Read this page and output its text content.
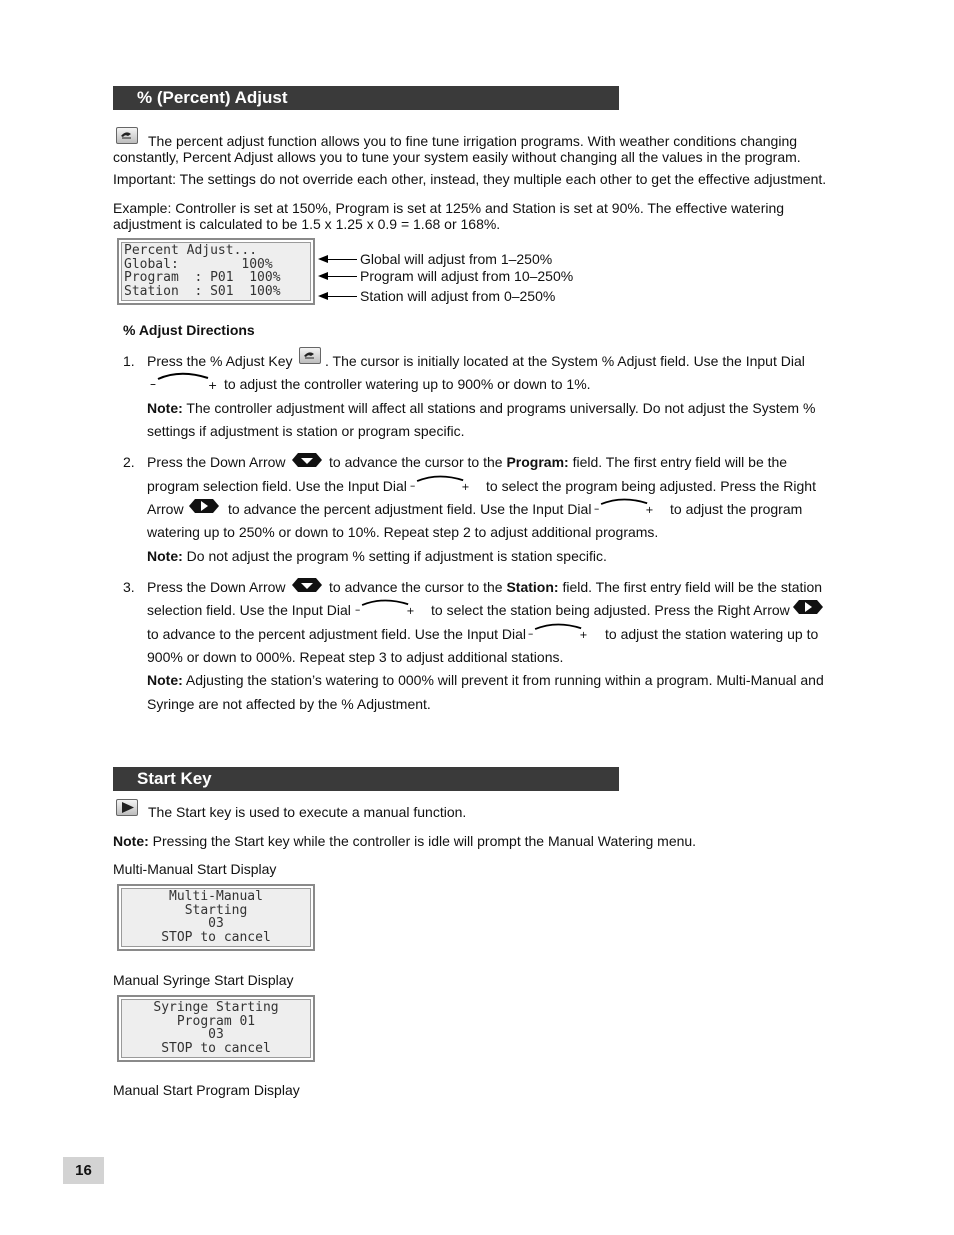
% (Percent) Adjust
The percent adjust function allows you to fine tune irrigation programs. With weather conditions changing
constantly, Percent Adjust allows you to tune your system easily without changing all the values in the program.
Important: The settings do not override each other, instead, they multiple each other to get the effective adjustment.
Example: Controller is set at 150%, Program is set at 125% and Station is set at 90%. The effective watering
adjustment is calculated to be 1.5 x 1.25 x 0.9 = 1.68 or 168%.
Percent Adjust...
Global:        100%
Program  : P01  100%
Station  : S01  100%
Global will adjust from 1–250%
Program will adjust from 10–250%
Station will adjust from 0–250%
% Adjust Directions
1. Press the % Adjust Key . The cursor is initially located at the System % Adjust field. Use the Input Dial
–	+ to adjust the controller watering up to 900% or down to 1%.
Note: The controller adjustment will affect all stations and programs universally. Do not adjust the System %
settings if adjustment is station or program specific.
2. Press the Down Arrow	to advance the cursor to the Program: field. The first entry field will be the
program selection field. Use the Input Dial –	+ to select the program being adjusted. Press the Right
Arrow	to advance the percent adjustment field. Use the Input Dial –	+ to adjust the program
watering up to 250% or down to 10%. Repeat step 2 to adjust additional programs.
Note: Do not adjust the program % setting if adjustment is station specific.
3. Press the Down Arrow	to advance the cursor to the Station: field. The first entry field will be the station
selection field. Use the Input Dial –	+ to select the station being adjusted. Press the Right Arrow
to advance to the percent adjustment field. Use the Input Dial –	+ to adjust the station watering up to
900% or down to 000%. Repeat step 3 to adjust additional stations.
Note: Adjusting the station’s watering to 000% will prevent it from running within a program. Multi-Manual and
Syringe are not affected by the % Adjustment.
Start Key
The Start key is used to execute a manual function.
Note: Pressing the Start key while the controller is idle will prompt the Manual Watering menu.
Multi-Manual Start Display
Multi-Manual
Starting
03
STOP to cancel
Manual Syringe Start Display
Syringe Starting
Program 01
03
STOP to cancel
Manual Start Program Display
16
